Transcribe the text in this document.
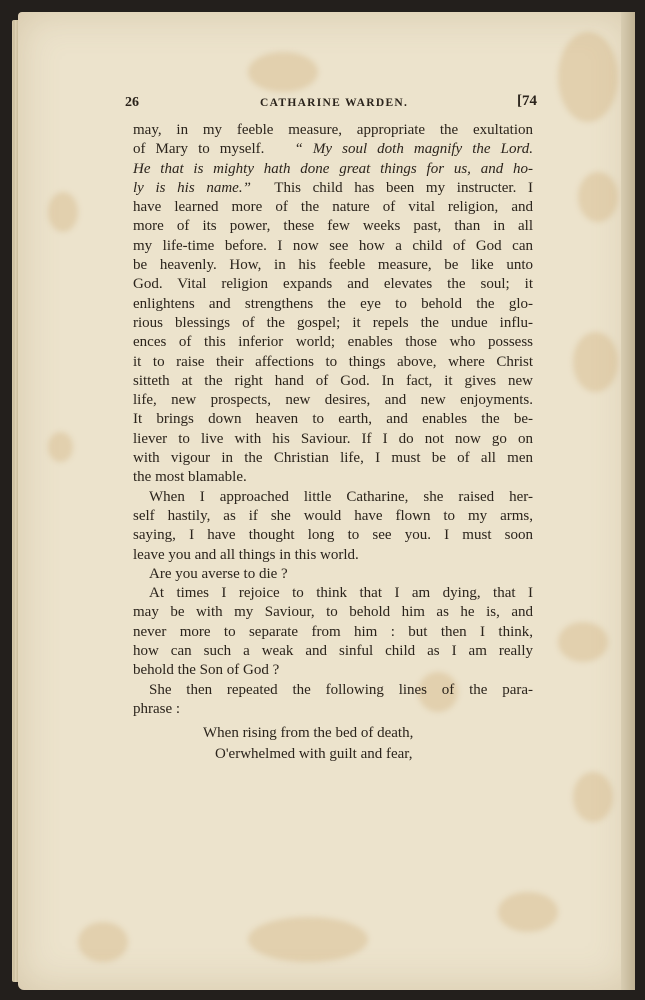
26	CATHARINE WARDEN.	[74
may, in my feeble measure, appropriate the exultation
of Mary to myself. “ My soul doth magnify the Lord.
He that is mighty hath done great things for us, and ho-
ly is his name.” This child has been my instructer. I
have learned more of the nature of vital religion, and
more of its power, these few weeks past, than in all
my life-time before. I now see how a child of God can
be heavenly. How, in his feeble measure, be like unto
God. Vital religion expands and elevates the soul; it
enlightens and strengthens the eye to behold the glo-
rious blessings of the gospel; it repels the undue influ-
ences of this inferior world; enables those who possess
it to raise their affections to things above, where Christ
sitteth at the right hand of God. In fact, it gives new
life, new prospects, new desires, and new enjoyments.
It brings down heaven to earth, and enables the be-
liever to live with his Saviour. If I do not now go on
with vigour in the Christian life, I must be of all men
the most blamable.
When I approached little Catharine, she raised her-
self hastily, as if she would have flown to my arms,
saying, I have thought long to see you. I must soon
leave you and all things in this world.
Are you averse to die ?
At times I rejoice to think that I am dying, that I
may be with my Saviour, to behold him as he is, and
never more to separate from him : but then I think,
how can such a weak and sinful child as I am really
behold the Son of God ?
She then repeated the following lines of the para-
phrase :
When rising from the bed of death,
O'erwhelmed with guilt and fear,
